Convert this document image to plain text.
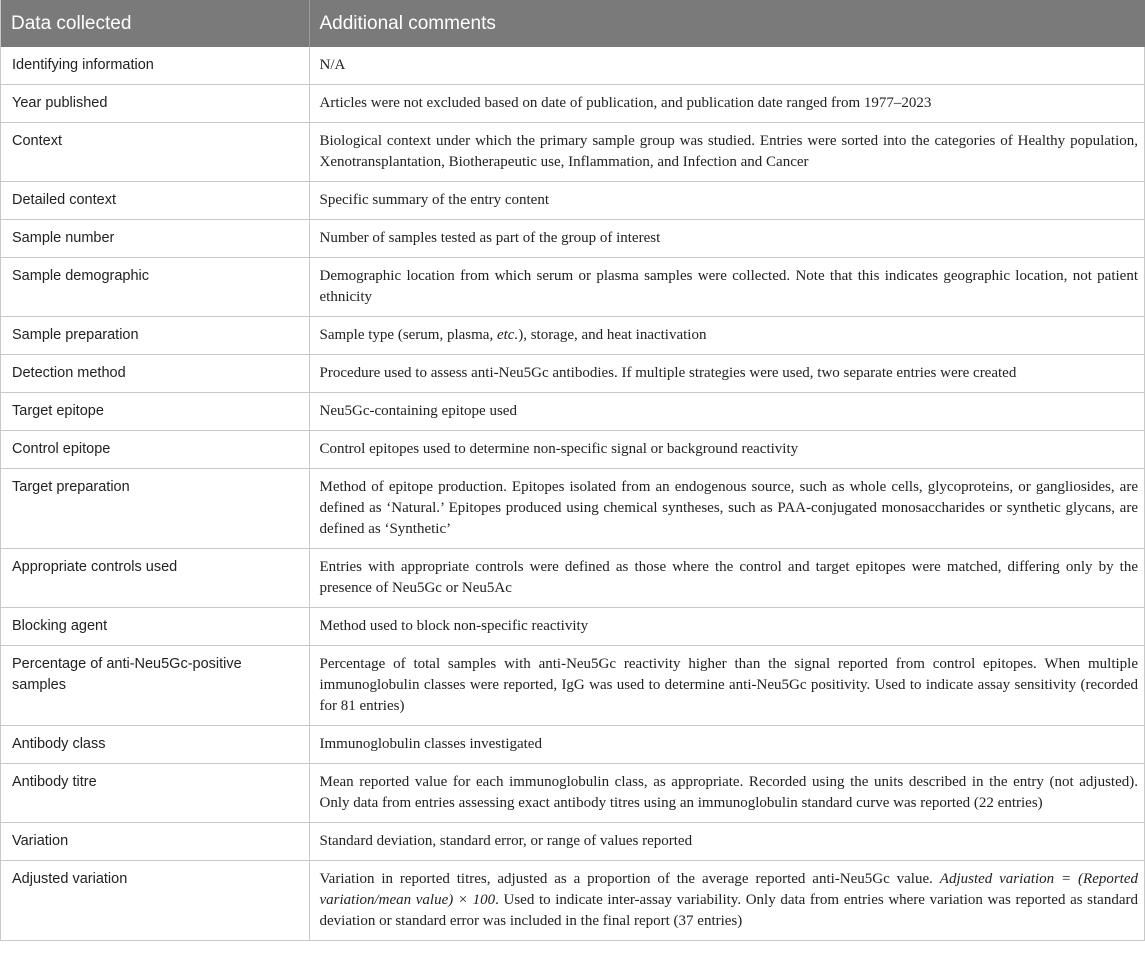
Data collected	Additional comments
Identifying information	N/A
Year published	Articles were not excluded based on date of publication, and publication date ranged from 1977–2023
Context	Biological context under which the primary sample group was studied. Entries were sorted into the categories of Healthy population, Xenotransplantation, Biotherapeutic use, Inflammation, and Infection and Cancer
Detailed context	Specific summary of the entry content
Sample number	Number of samples tested as part of the group of interest
Sample demographic	Demographic location from which serum or plasma samples were collected. Note that this indicates geographic location, not patient ethnicity
Sample preparation	Sample type (serum, plasma, etc.), storage, and heat inactivation
Detection method	Procedure used to assess anti-Neu5Gc antibodies. If multiple strategies were used, two separate entries were created
Target epitope	Neu5Gc-containing epitope used
Control epitope	Control epitopes used to determine non-specific signal or background reactivity
Target preparation	Method of epitope production. Epitopes isolated from an endogenous source, such as whole cells, glycoproteins, or gangliosides, are defined as ‘Natural.’ Epitopes produced using chemical syntheses, such as PAA-conjugated monosaccharides or synthetic glycans, are defined as ‘Synthetic’
Appropriate controls used	Entries with appropriate controls were defined as those where the control and target epitopes were matched, differing only by the presence of Neu5Gc or Neu5Ac
Blocking agent	Method used to block non-specific reactivity
Percentage of anti-Neu5Gc-positive samples	Percentage of total samples with anti-Neu5Gc reactivity higher than the signal reported from control epitopes. When multiple immunoglobulin classes were reported, IgG was used to determine anti-Neu5Gc positivity. Used to indicate assay sensitivity (recorded for 81 entries)
Antibody class	Immunoglobulin classes investigated
Antibody titre	Mean reported value for each immunoglobulin class, as appropriate. Recorded using the units described in the entry (not adjusted). Only data from entries assessing exact antibody titres using an immunoglobulin standard curve was reported (22 entries)
Variation	Standard deviation, standard error, or range of values reported
Adjusted variation	Variation in reported titres, adjusted as a proportion of the average reported anti-Neu5Gc value. Adjusted variation = (Reported variation/mean value) × 100. Used to indicate inter-assay variability. Only data from entries where variation was reported as standard deviation or standard error was included in the final report (37 entries)
